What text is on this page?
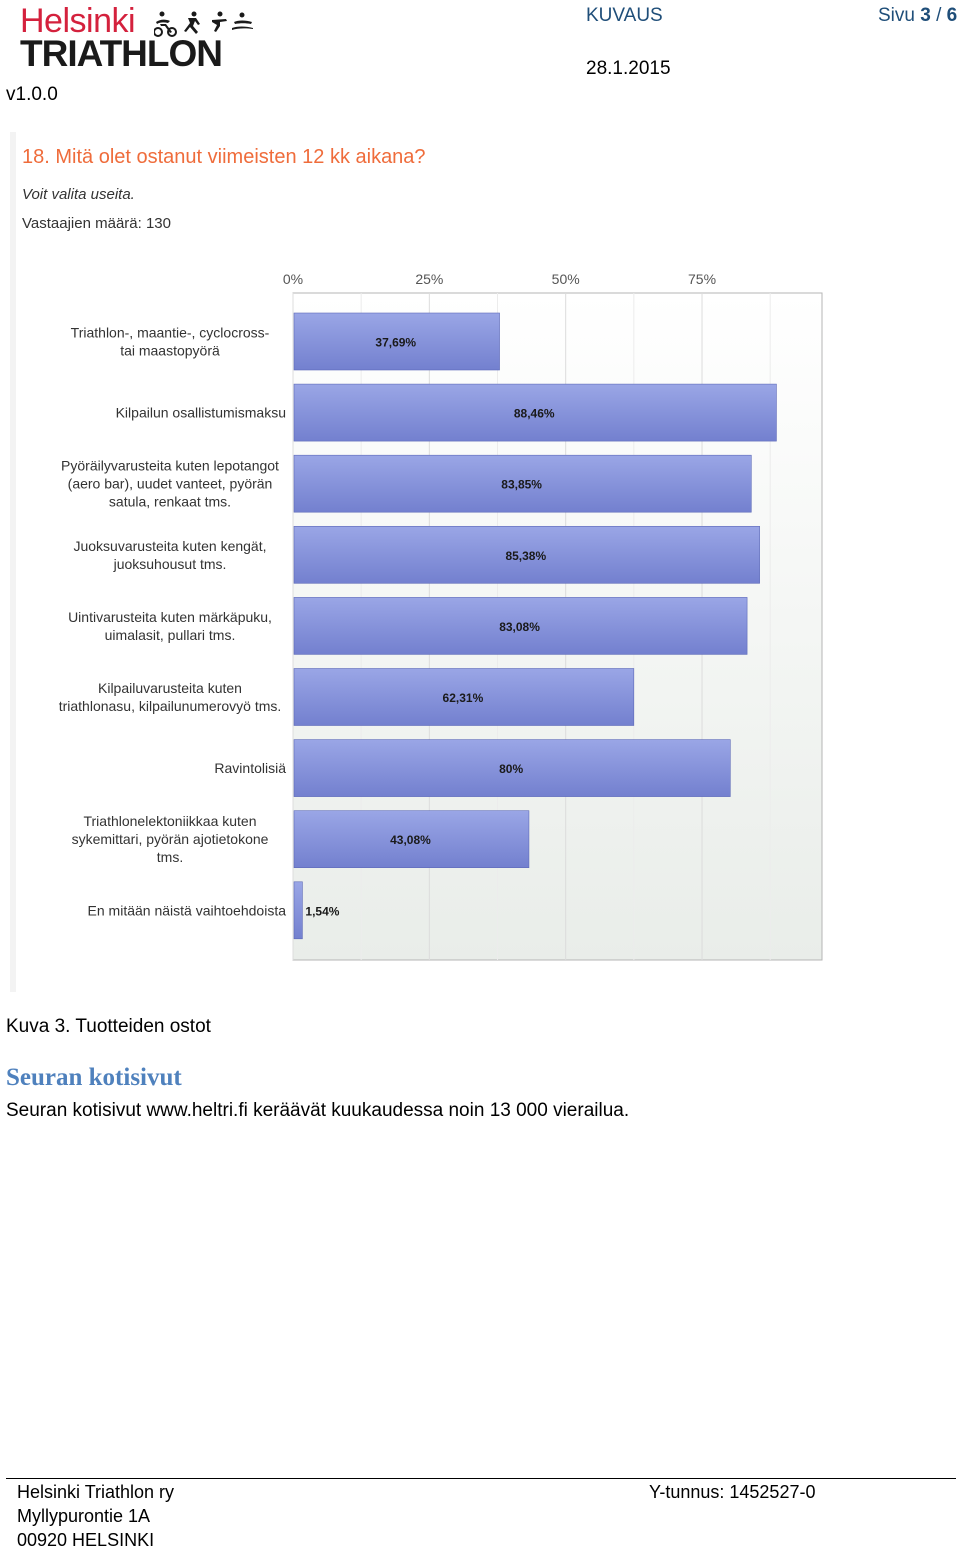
Helsinki
TRIATHLON
v1.0.0
KUVAUS
28.1.2015
Sivu 3 / 6
18. Mitä olet ostanut viimeisten 12 kk aikana?
Voit valita useita.
Vastaajien määrä: 130
0%	25%	50%	75%
37,69%
Triathlon-, maantie-, cyclocross-tai maastopyörä
88,46%
Kilpailun osallistumismaksu
83,85%
Pyöräilyvarusteita kuten lepotangot (aero bar), uudet vanteet, pyörän satula, renkaat tms.
85,38%
Juoksuvarusteita kuten kengät, juoksuhousut tms.
83,08%
Uintivarusteita kuten märkäpuku, uimalasit, pullari tms.
62,31%
Kilpailuvarusteita kuten triathlonasu, kilpailunumerovyö tms.
80%
Ravintolisiä
43,08%
Triathlonelektoniikkaa kuten sykemittari, pyörän ajotietokone tms.
1,54%
En mitään näistä vaihtoehdoista
Kuva 3. Tuotteiden ostot
Seuran kotisivut
Seuran kotisivut www.heltri.fi keräävät kuukaudessa noin 13 000 vierailua.
Helsinki Triathlon ry
Myllypurontie 1A
00920 HELSINKI
Y-tunnus: 1452527-0
